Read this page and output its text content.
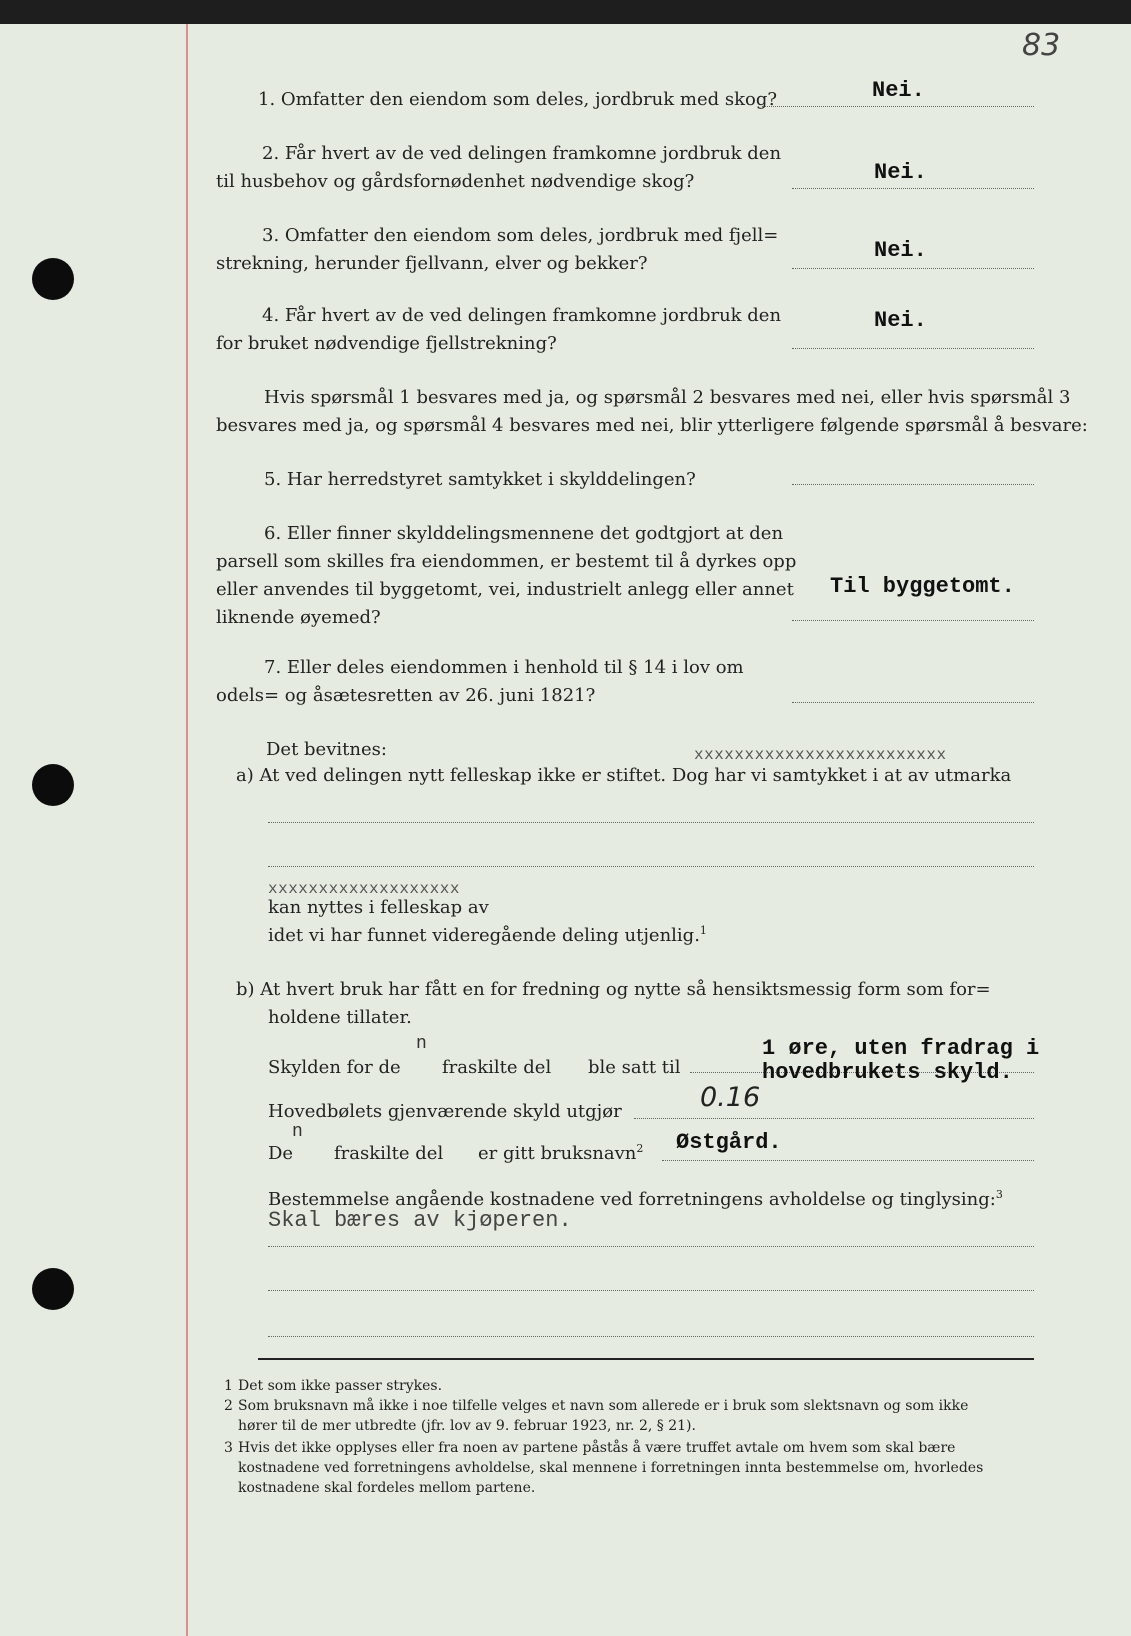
83
1. Omfatter den eiendom som deles, jordbruk med skog?	Nei.
2. Får hvert av de ved delingen framkomne jordbruk den
til husbehov og gårdsfornødenhet nødvendige skog?	Nei.
3. Omfatter den eiendom som deles, jordbruk med fjell=
strekning, herunder fjellvann, elver og bekker?
Nei.
4. Får hvert av de ved delingen framkomne jordbruk den
for bruket nødvendige fjellstrekning?
Nei.
Hvis spørsmål 1 besvares med ja, og spørsmål 2 besvares med nei, eller hvis spørsmål 3
besvares med ja, og spørsmål 4 besvares med nei, blir ytterligere følgende spørsmål å besvare:
5. Har herredstyret samtykket i skylddelingen?
6. Eller finner skylddelingsmennene det godtgjort at den
parsell som skilles fra eiendommen, er bestemt til å dyrkes opp
eller anvendes til byggetomt, vei, industrielt anlegg eller annet
liknende øyemed?
Til byggetomt.
7. Eller deles eiendommen i henhold til § 14 i lov om
odels= og åsætesretten av 26. juni 1821?
Det bevitnes:	xxxxxxxxxxxxxxxxxxxxxxxxx
a) At ved delingen nytt felleskap ikke er stiftet. Dog har vi samtykket i at av utmarka
xxxxxxxxxxxxxxxxxxx
kan nyttes i felleskap av
idet vi har funnet videregående deling utjenlig.$^1$
b) At hvert bruk har fått en for fredning og nytte så hensiktsmessig form som for=
holdene tillater.
Skylden for de
n
fraskilte del ble satt til
1 øre, uten fradrag i
hovedbrukets skyld.
Hovedbølets gjenværende skyld utgjør	0.16
De
n
fraskilte del er gitt bruksnavn$^2$ Østgård.
Bestemmelse angående kostnadene ved forretningens avholdelse og tinglysing:$^3$
Skal bæres av kjøperen.
1 Det som ikke passer strykes.
2 Som bruksnavn må ikke i noe tilfelle velges et navn som allerede er i bruk som slektsnavn og som ikke
hører til de mer utbredte (jfr. lov av 9. februar 1923, nr. 2, § 21).
3 Hvis det ikke opplyses eller fra noen av partene påstås å være truffet avtale om hvem som skal bære
kostnadene ved forretningens avholdelse, skal mennene i forretningen innta bestemmelse om, hvorledes
kostnadene skal fordeles mellom partene.
